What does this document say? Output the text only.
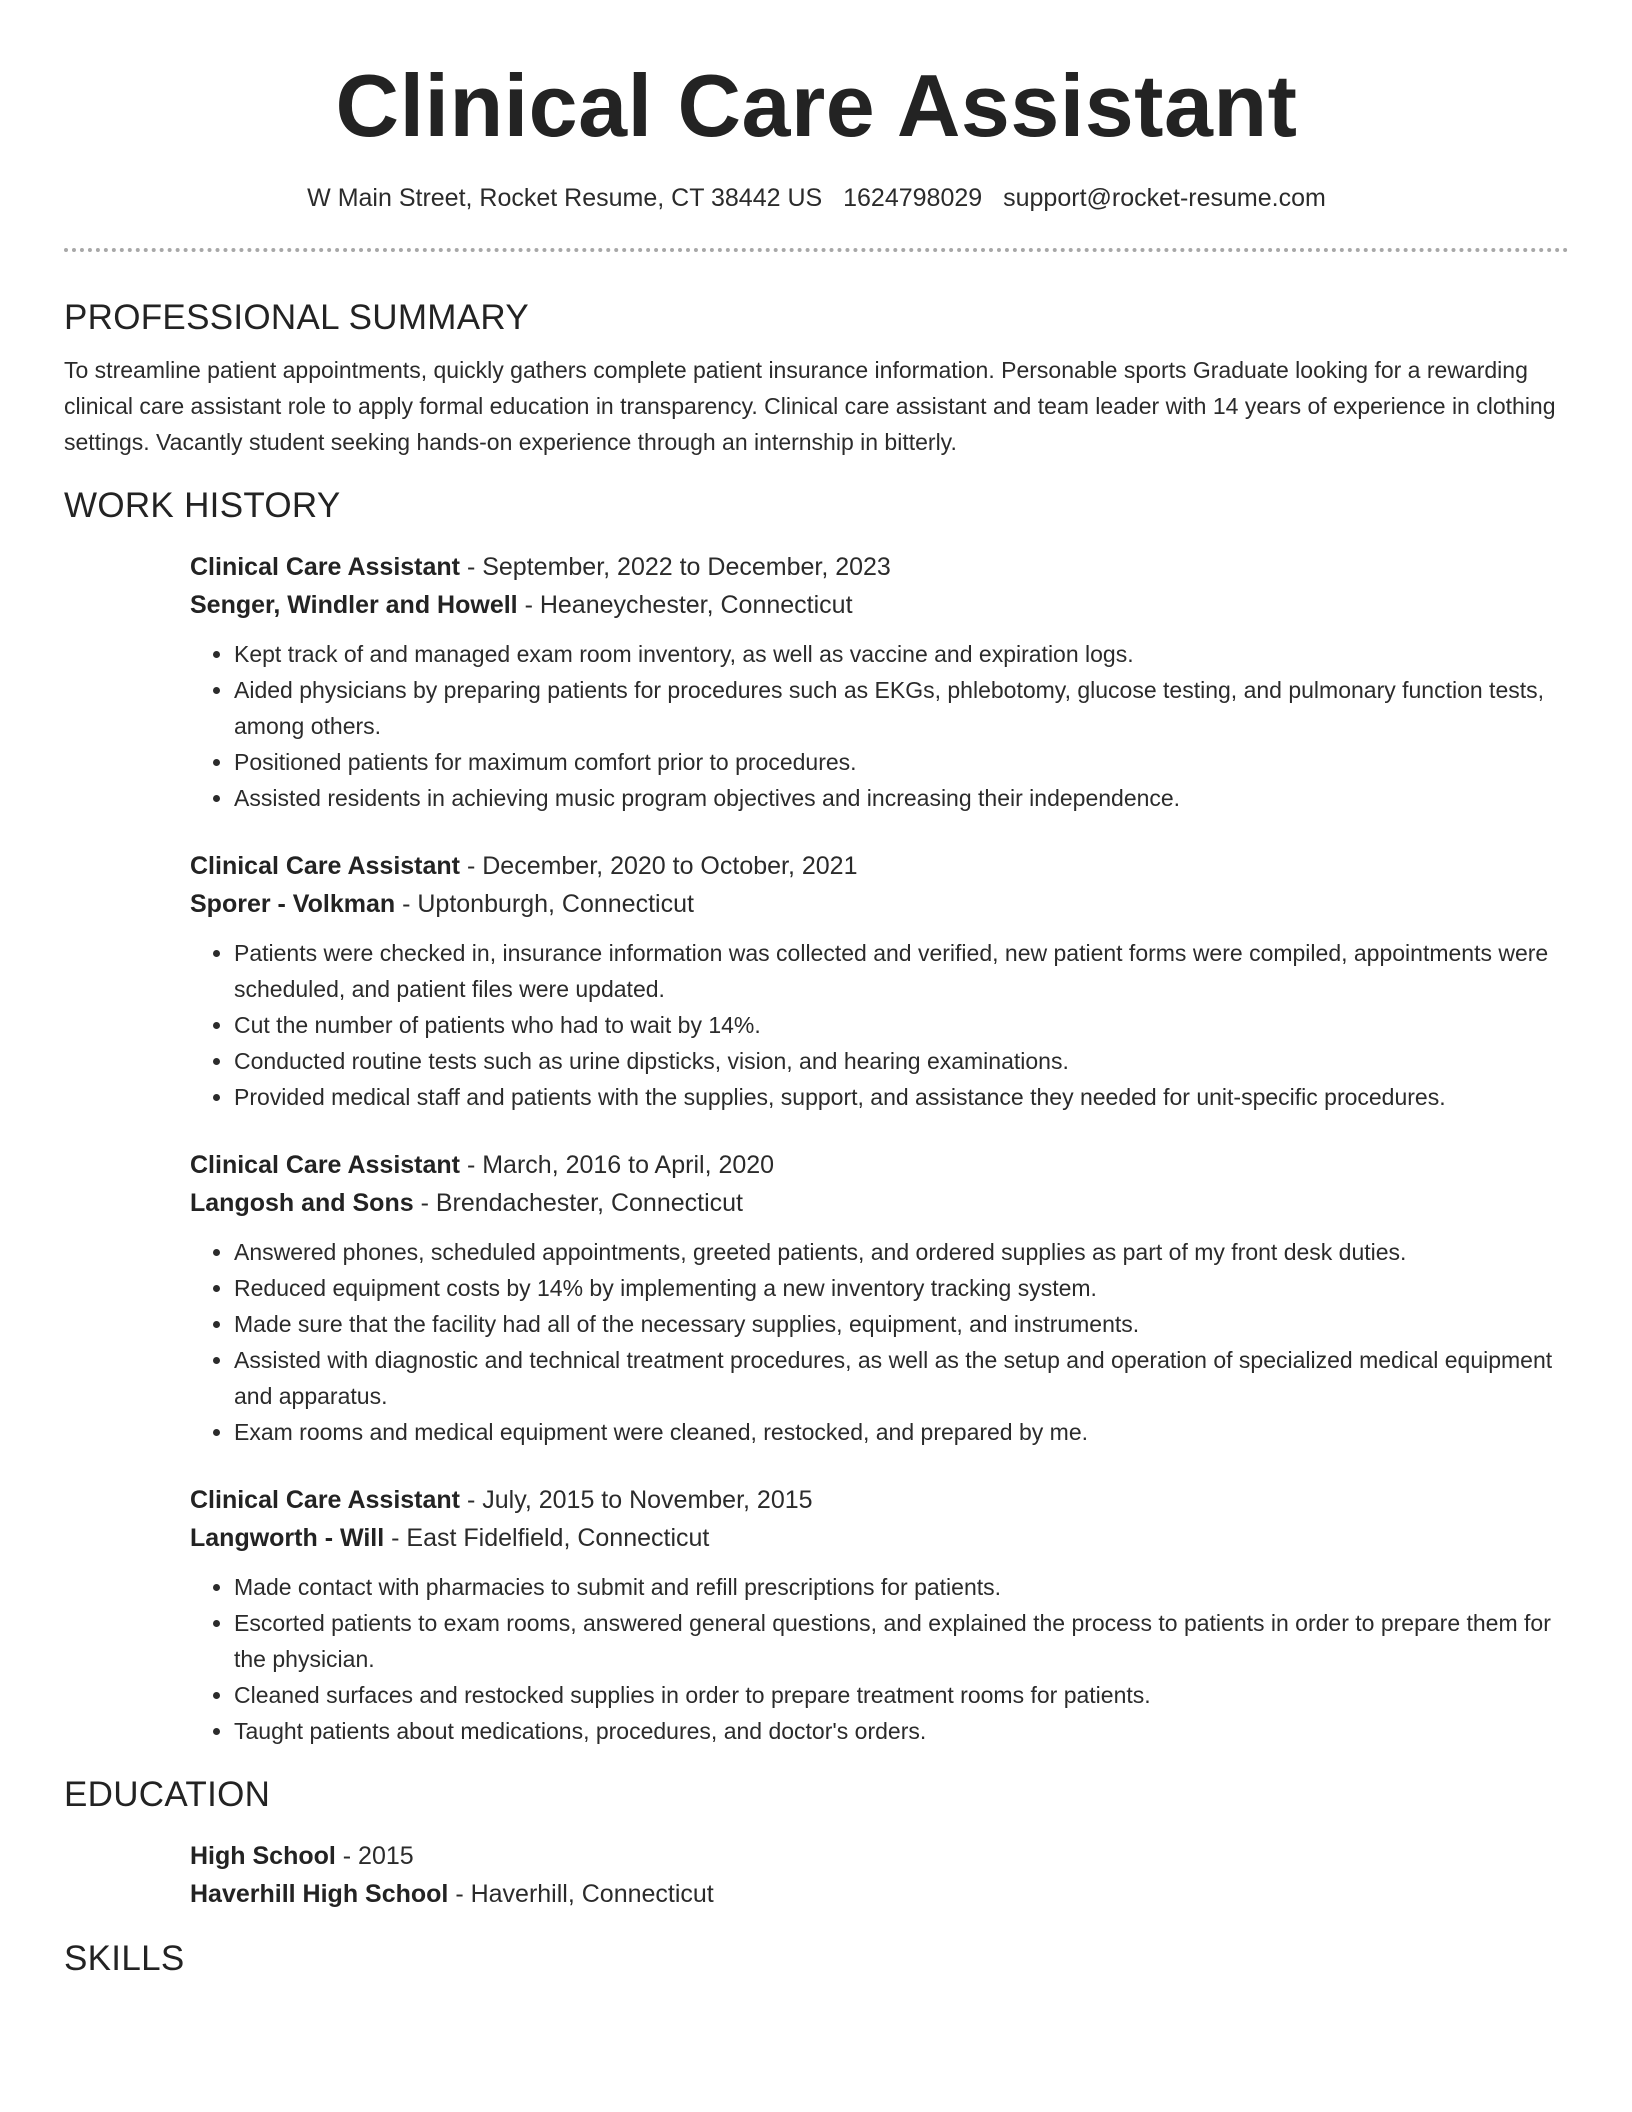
Clinical Care Assistant
W Main Street, Rocket Resume, CT 38442 US 1624798029 support@rocket-resume.com
PROFESSIONAL SUMMARY

To streamline patient appointments, quickly gathers complete patient insurance information. Personable sports Graduate looking for a rewarding clinical care assistant role to apply formal education in transparency. Clinical care assistant and team leader with 14 years of experience in clothing settings. Vacantly student seeking hands-on experience through an internship in bitterly.

WORK HISTORY
Clinical Care Assistant - September, 2022 to December, 2023
Senger, Windler and Howell - Heaneychester, Connecticut
• Kept track of and managed exam room inventory, as well as vaccine and expiration logs.
• Aided physicians by preparing patients for procedures such as EKGs, phlebotomy, glucose testing, and pulmonary function tests, among others.
• Positioned patients for maximum comfort prior to procedures.
• Assisted residents in achieving music program objectives and increasing their independence.
Clinical Care Assistant - December, 2020 to October, 2021
Sporer - Volkman - Uptonburgh, Connecticut
• Patients were checked in, insurance information was collected and verified, new patient forms were compiled, appointments were scheduled, and patient files were updated.
• Cut the number of patients who had to wait by 14%.
• Conducted routine tests such as urine dipsticks, vision, and hearing examinations.
• Provided medical staff and patients with the supplies, support, and assistance they needed for unit-specific procedures.
Clinical Care Assistant - March, 2016 to April, 2020
Langosh and Sons - Brendachester, Connecticut
• Answered phones, scheduled appointments, greeted patients, and ordered supplies as part of my front desk duties.
• Reduced equipment costs by 14% by implementing a new inventory tracking system.
• Made sure that the facility had all of the necessary supplies, equipment, and instruments.
• Assisted with diagnostic and technical treatment procedures, as well as the setup and operation of specialized medical equipment and apparatus.
• Exam rooms and medical equipment were cleaned, restocked, and prepared by me.
Clinical Care Assistant - July, 2015 to November, 2015
Langworth - Will - East Fidelfield, Connecticut
• Made contact with pharmacies to submit and refill prescriptions for patients.
• Escorted patients to exam rooms, answered general questions, and explained the process to patients in order to prepare them for the physician.
• Cleaned surfaces and restocked supplies in order to prepare treatment rooms for patients.
• Taught patients about medications, procedures, and doctor's orders.
EDUCATION
High School - 2015
Haverhill High School - Haverhill, Connecticut
SKILLS
